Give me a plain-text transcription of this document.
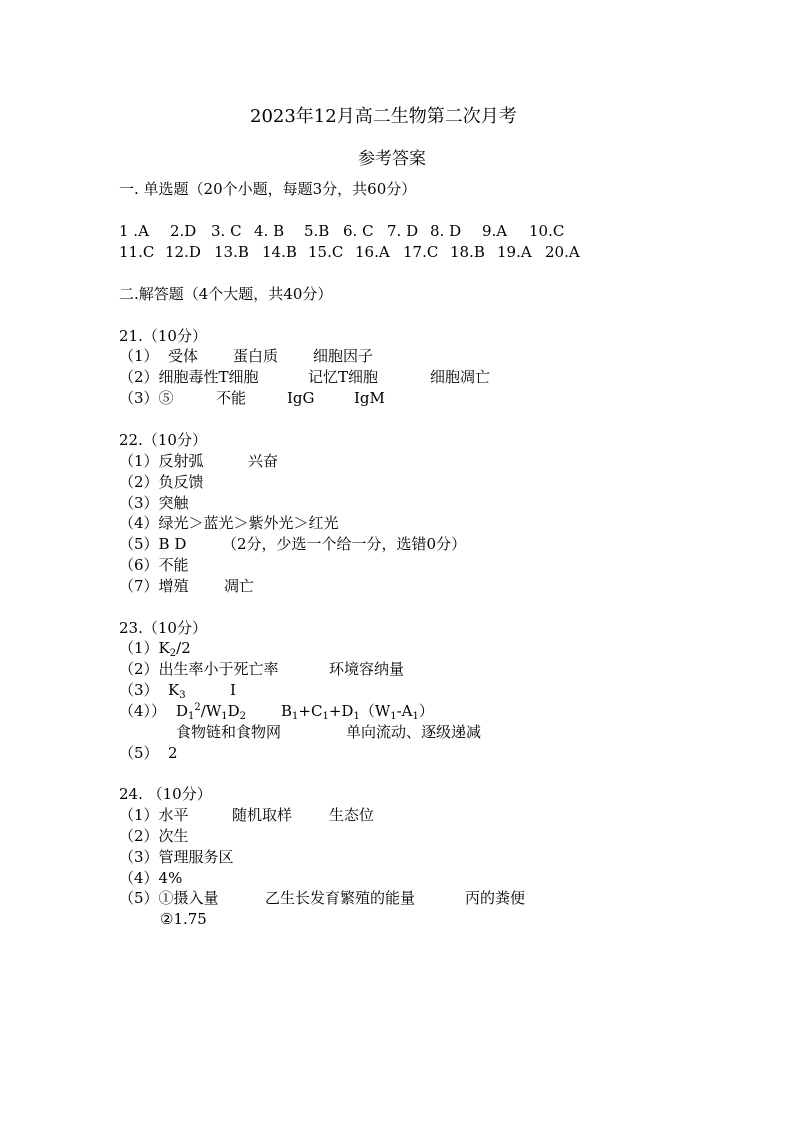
2023年12月高二生物第二次月考
参考答案
一. 单选题（20个小题，每题3分，共60分）
1 .A 2.D 3. C 4. B 5.B 6. C 7. D 8. D 9.A 10.C
11.C 12.D 13.B 14.B 15.C 16.A 17.C 18.B 19.A 20.A
二.解答题（4个大题，共40分）
21.（10分）
（1） 受体 蛋白质 细胞因子
（2）细胞毒性T细胞	记忆T细胞	细胞凋亡
（3）⑤	不能	IgG	IgM
22.（10分）
（1）反射弧	兴奋
（2）负反馈
（3）突触
（4）绿光＞蓝光＞紫外光＞红光
（5）B D （2分，少选一个给一分，选错0分）
（6）不能
（7）增殖 凋亡
23.（10分）
$(1)K_2/2$
（2）出生率小于死亡率	环境容纳量
（3） $K_3$	Ⅰ
（4）） $D_1^2/W_1D_2$ $B_1+C_1+D_1(W_1-A_1)$
食物链和食物网	单向流动、逐级递减
（5） 2
24. （10分）
（1）水平	随机取样 生态位
（2）次生
（3）管理服务区
（4）4%
（5）①摄入量	乙生长发育繁殖的能量	丙的粪便
②1.75
